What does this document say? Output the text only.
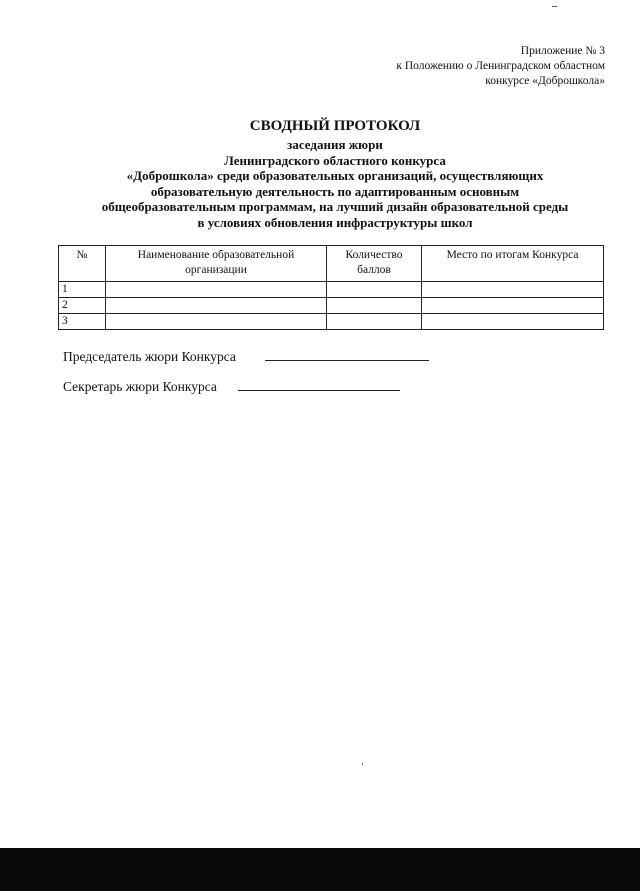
Приложение № 3
к Положению о Ленинградском областном
конкурсе «Доброшкола»
СВОДНЫЙ ПРОТОКОЛ
заседания жюри
Ленинградского областного конкурса
«Доброшкола» среди образовательных организаций, осуществляющих
образовательную деятельность по адаптированным основным
общеобразовательным программам, на лучший дизайн образовательной среды
в условиях обновления инфраструктуры школ
№	Наименование образовательной организации	Количество баллов	Место по итогам Конкурса
1			
2			
3			
Председатель жюри Конкурса
Секретарь жюри Конкурса
